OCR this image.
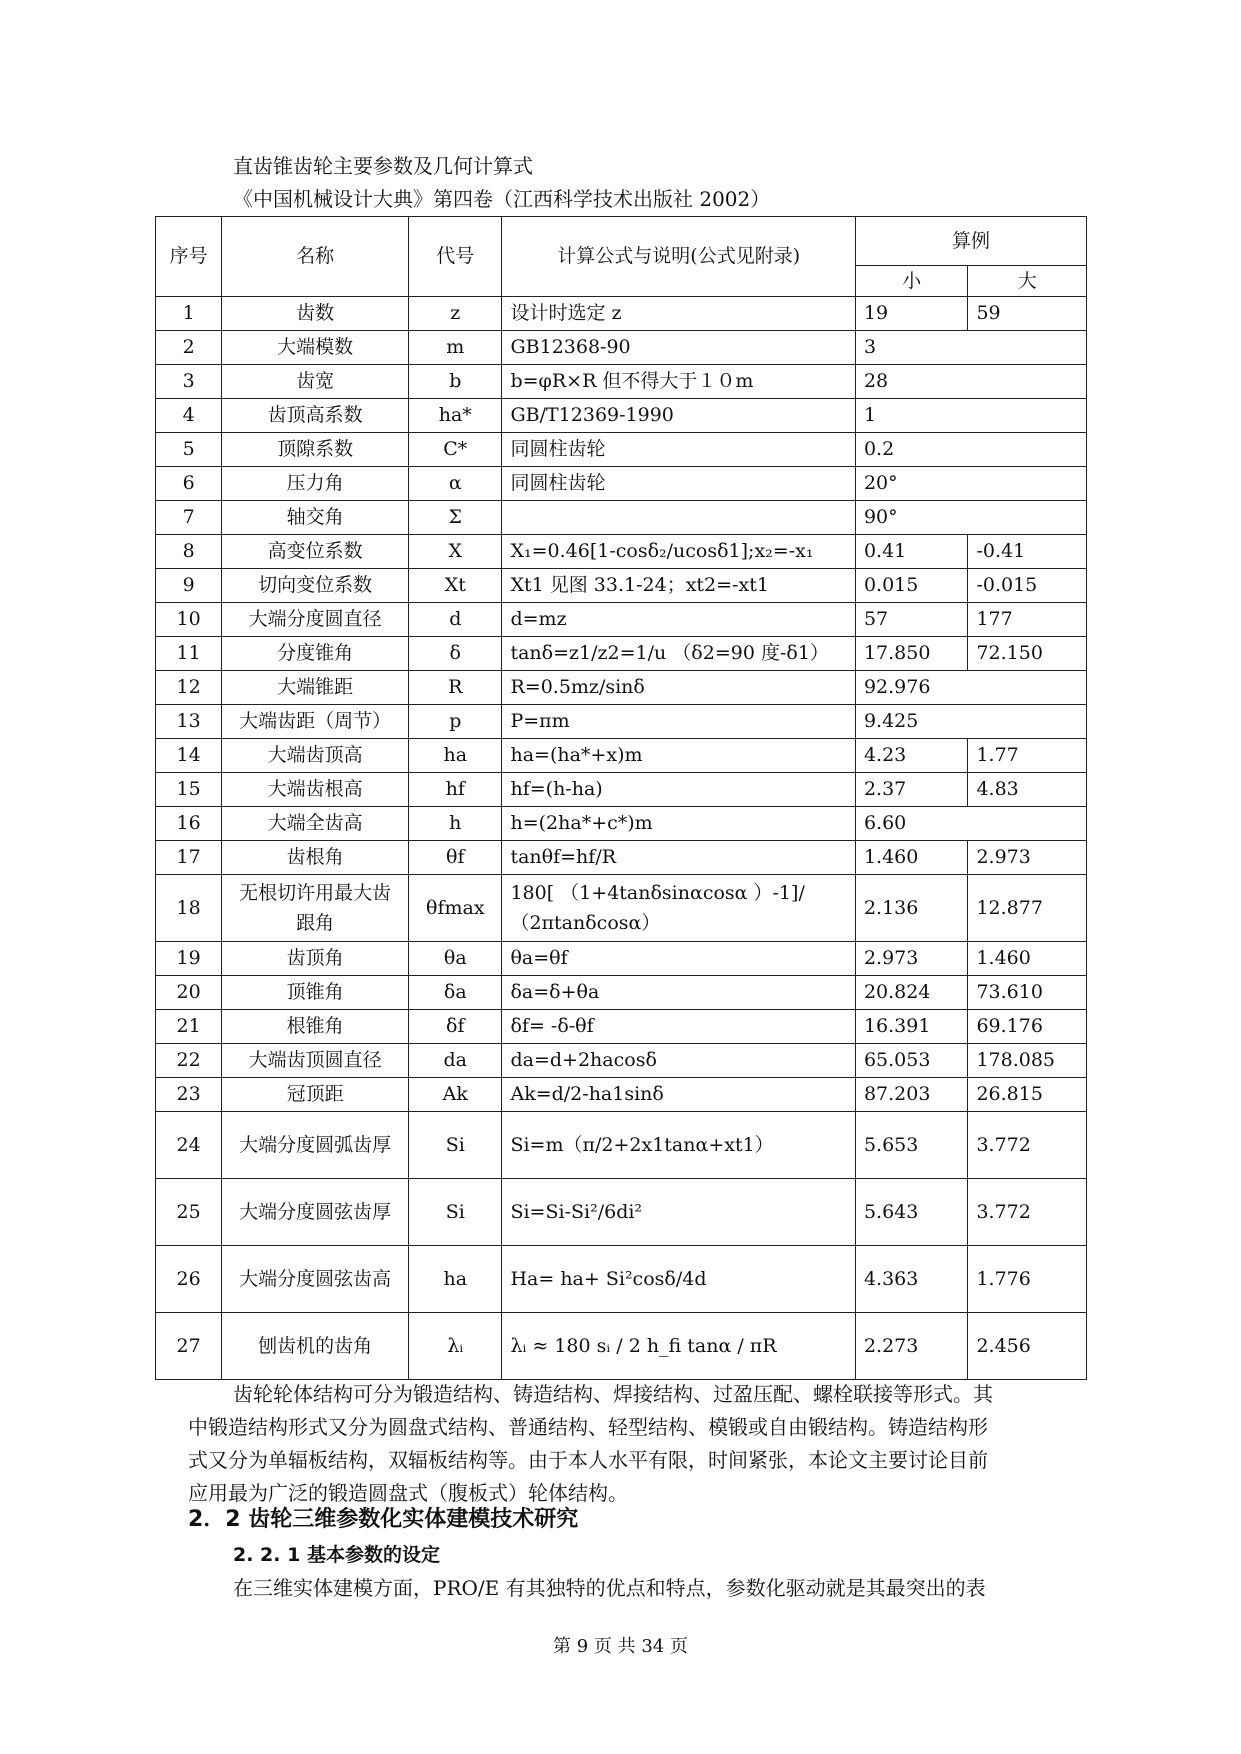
直齿锥齿轮主要参数及几何计算式
《中国机械设计大典》第四卷（江西科学技术出版社 2002）
序号	名称	代号	计算公式与说明(公式见附录)	算例	
				小	大
1	齿数	z	设计时选定 z	19	59
2	大端模数	m	GB12368-90	3	
3	齿宽	b	b=φR×R 但不得大于１０m	28	
4	齿顶高系数	ha*	GB/T12369-1990	1	
5	顶隙系数	C*	同圆柱齿轮	0.2	
6	压力角	α	同圆柱齿轮	20°	
7	轴交角	Σ		90°	
8	高变位系数	X	X₁=0.46[1-cosδ₂/ucosδ1];x₂=-x₁	0.41	-0.41
9	切向变位系数	Xt	Xt1 见图 33.1-24；xt2=-xt1	0.015	-0.015
10	大端分度圆直径	d	d=mz	57	177
11	分度锥角	δ	tanδ=z1/z2=1/u （δ2=90 度-δ1）	17.850	72.150
12	大端锥距	R	R=0.5mz/sinδ	92.976	
13	大端齿距（周节）	p	P=πm	9.425	
14	大端齿顶高	ha	ha=(ha*+x)m	4.23	1.77
15	大端齿根高	hf	hf=(h-ha)	2.37	4.83
16	大端全齿高	h	h=(2ha*+c*)m	6.60	
17	齿根角	θf	tanθf=hf/R	1.460	2.973
18	无根切许用最大齿跟角	θfmax	180[ （1+4tanδsinαcosα ）-1]/（2πtanδcosα）	2.136	12.877
19	齿顶角	θa	θa=θf	2.973	1.460
20	顶锥角	δa	δa=δ+θa	20.824	73.610
21	根锥角	δf	δf= -δ-θf	16.391	69.176
22	大端齿顶圆直径	da	da=d+2hacosδ	65.053	178.085
23	冠顶距	Ak	Ak=d/2-ha1sinδ	87.203	26.815
24	大端分度圆弧齿厚	Si	Si=m（π/2+2x1tanα+xt1）	5.653	3.772
25	大端分度圆弦齿厚	Si	Si=Si-Si²/6di²	5.643	3.772
26	大端分度圆弦齿高	ha	Ha= ha+ Si²cosδ/4d	4.363	1.776
27	刨齿机的齿角	λᵢ	λᵢ ≈ 180 sᵢ / 2 h_fi tanα / πR	2.273	2.456
齿轮轮体结构可分为锻造结构、铸造结构、焊接结构、过盈压配、螺栓联接等形式。其
中锻造结构形式又分为圆盘式结构、普通结构、轻型结构、模锻或自由锻结构。铸造结构形
式又分为单辐板结构，双辐板结构等。由于本人水平有限，时间紧张，本论文主要讨论目前
应用最为广泛的锻造圆盘式（腹板式）轮体结构。
2．2 齿轮三维参数化实体建模技术研究
2. 2. 1 基本参数的设定
在三维实体建模方面，PRO/E 有其独特的优点和特点，参数化驱动就是其最突出的表
第 9 页 共 34 页
